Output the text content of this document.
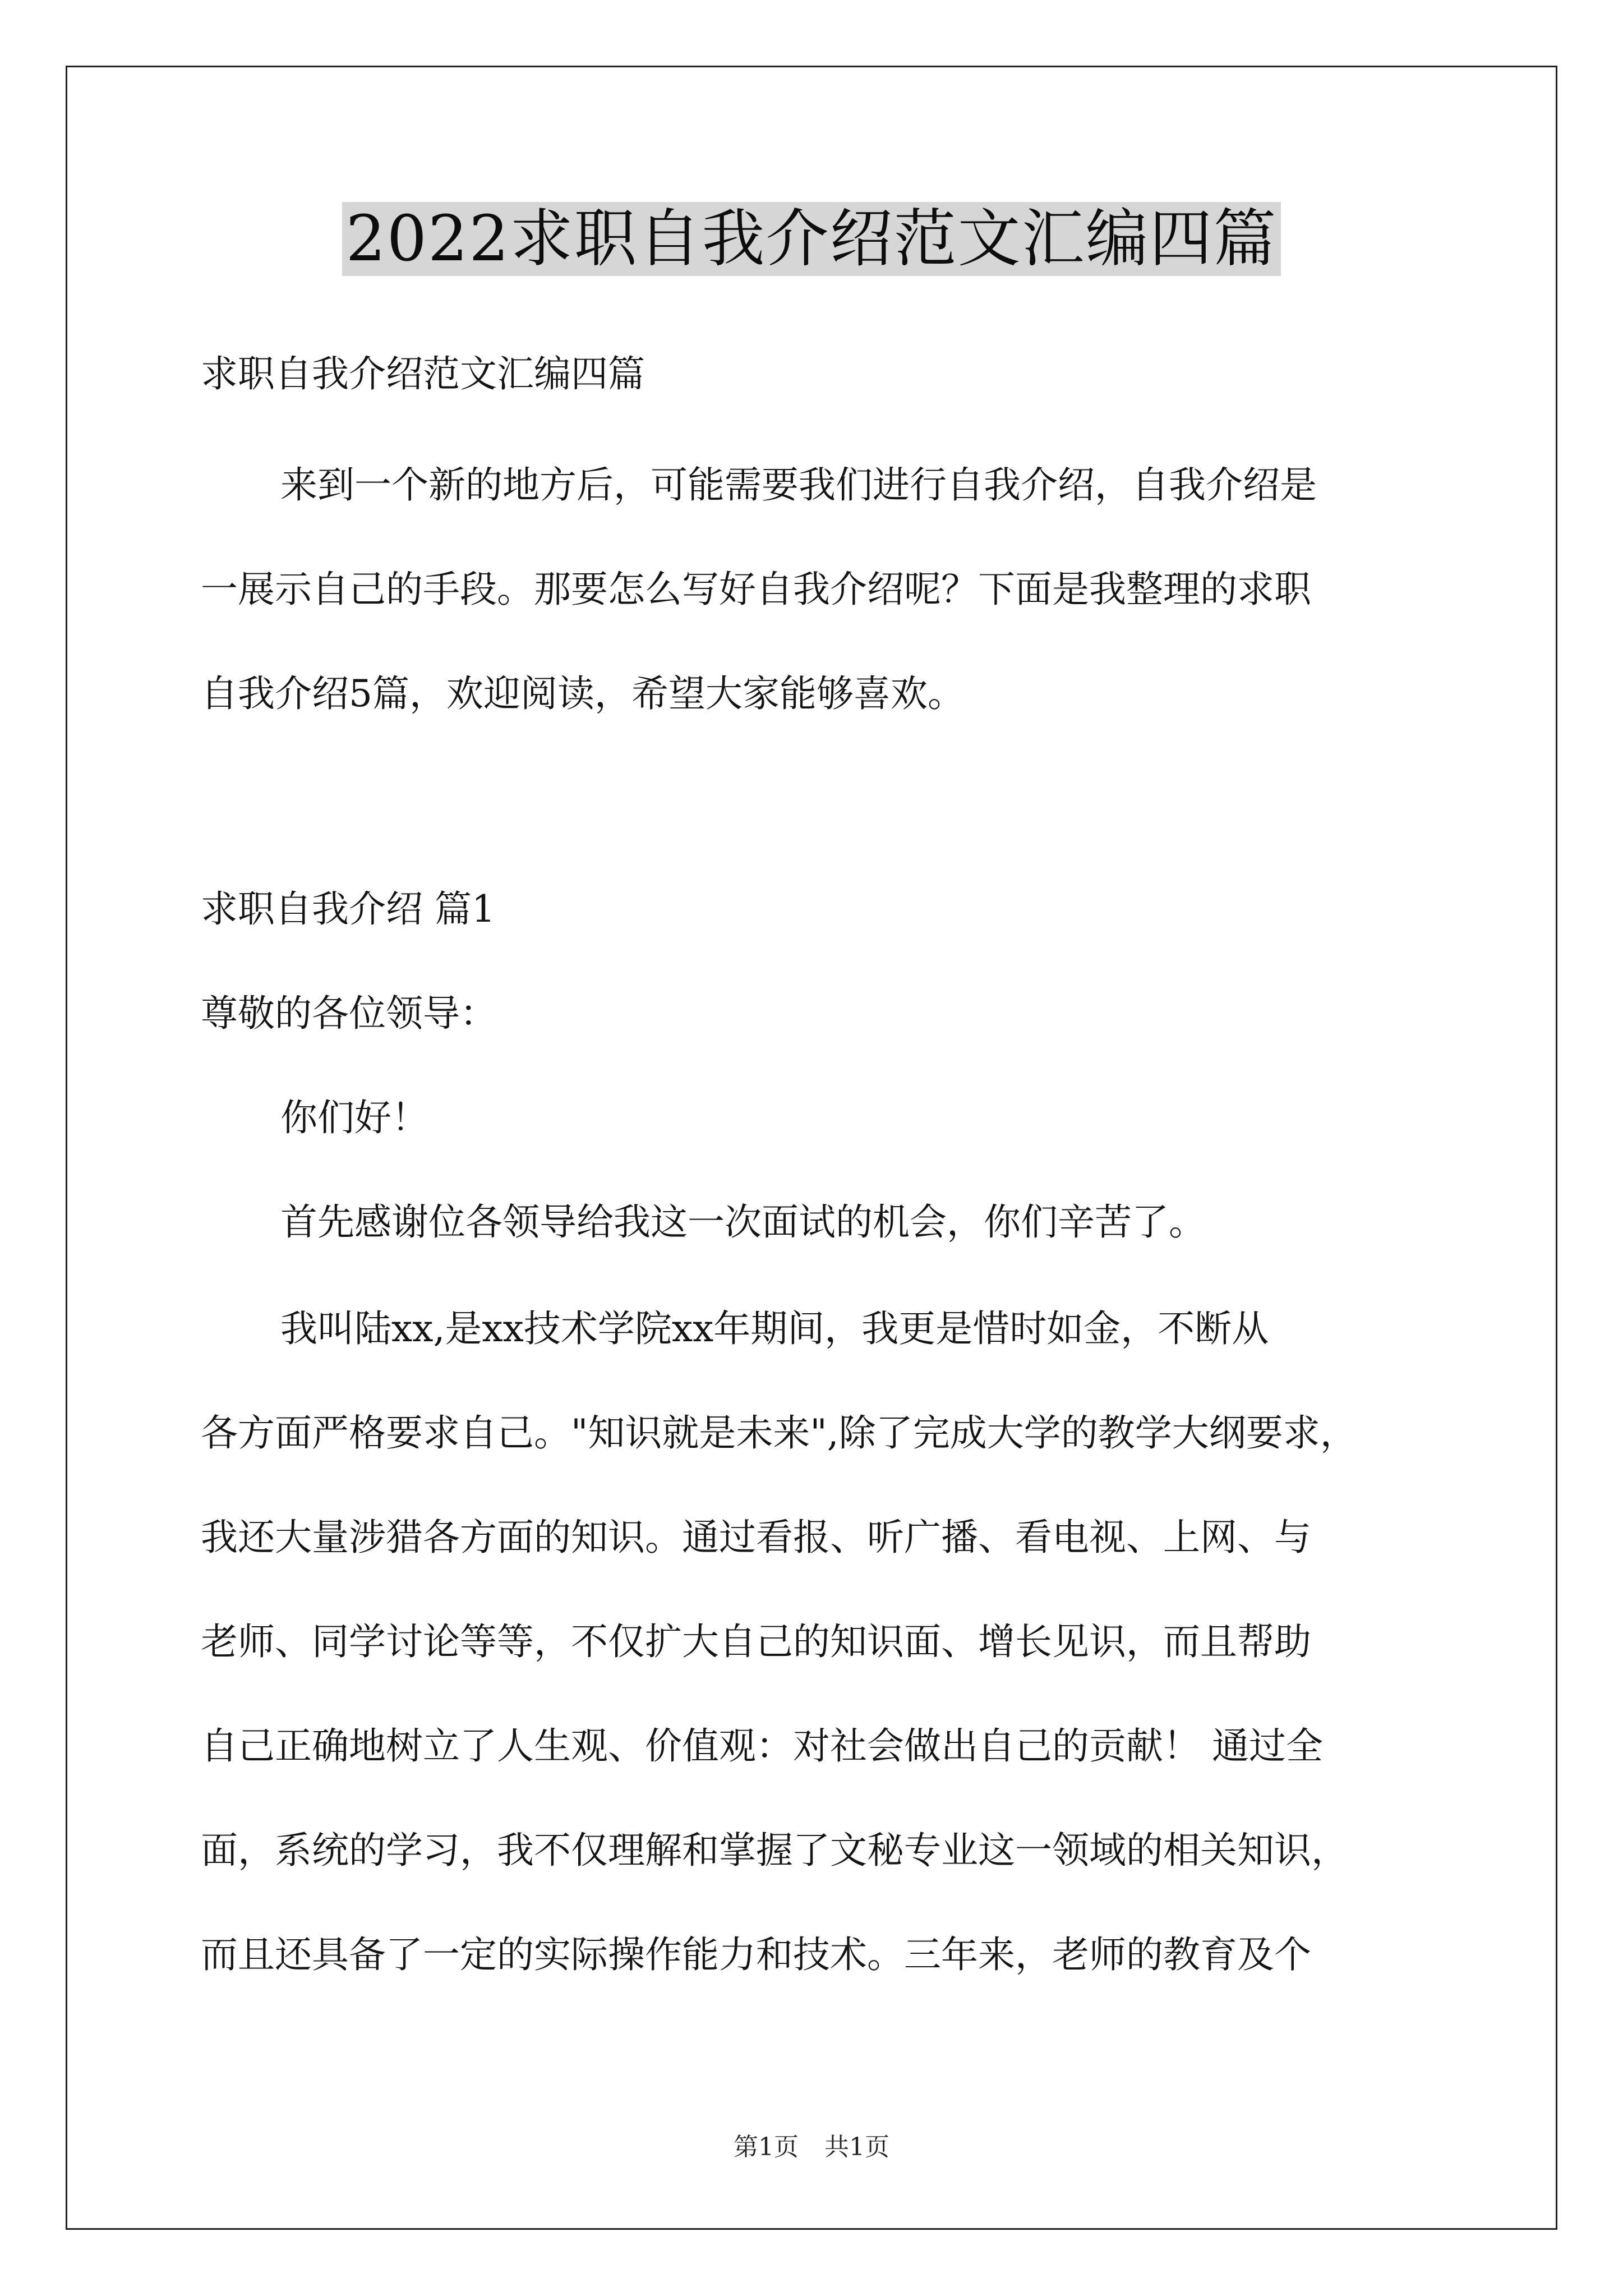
2022求职自我介绍范文汇编四篇
求职自我介绍范文汇编四篇
来到一个新的地方后，可能需要我们进行自我介绍，自我介绍是
一展示自己的手段。那要怎么写好自我介绍呢？下面是我整理的求职
自我介绍5篇，欢迎阅读，希望大家能够喜欢。
求职自我介绍 篇1
尊敬的各位领导：
你们好！
首先感谢位各领导给我这一次面试的机会，你们辛苦了。
我叫陆xx,是xx技术学院xx年期间，我更是惜时如金，不断从
各方面严格要求自己。"知识就是未来",除了完成大学的教学大纲要求，
我还大量涉猎各方面的知识。通过看报、听广播、看电视、上网、与
老师、同学讨论等等，不仅扩大自己的知识面、增长见识，而且帮助
自己正确地树立了人生观、价值观：对社会做出自己的贡献！ 通过全
面，系统的学习，我不仅理解和掌握了文秘专业这一领域的相关知识，
而且还具备了一定的实际操作能力和技术。三年来，老师的教育及个
第1页 共1页
